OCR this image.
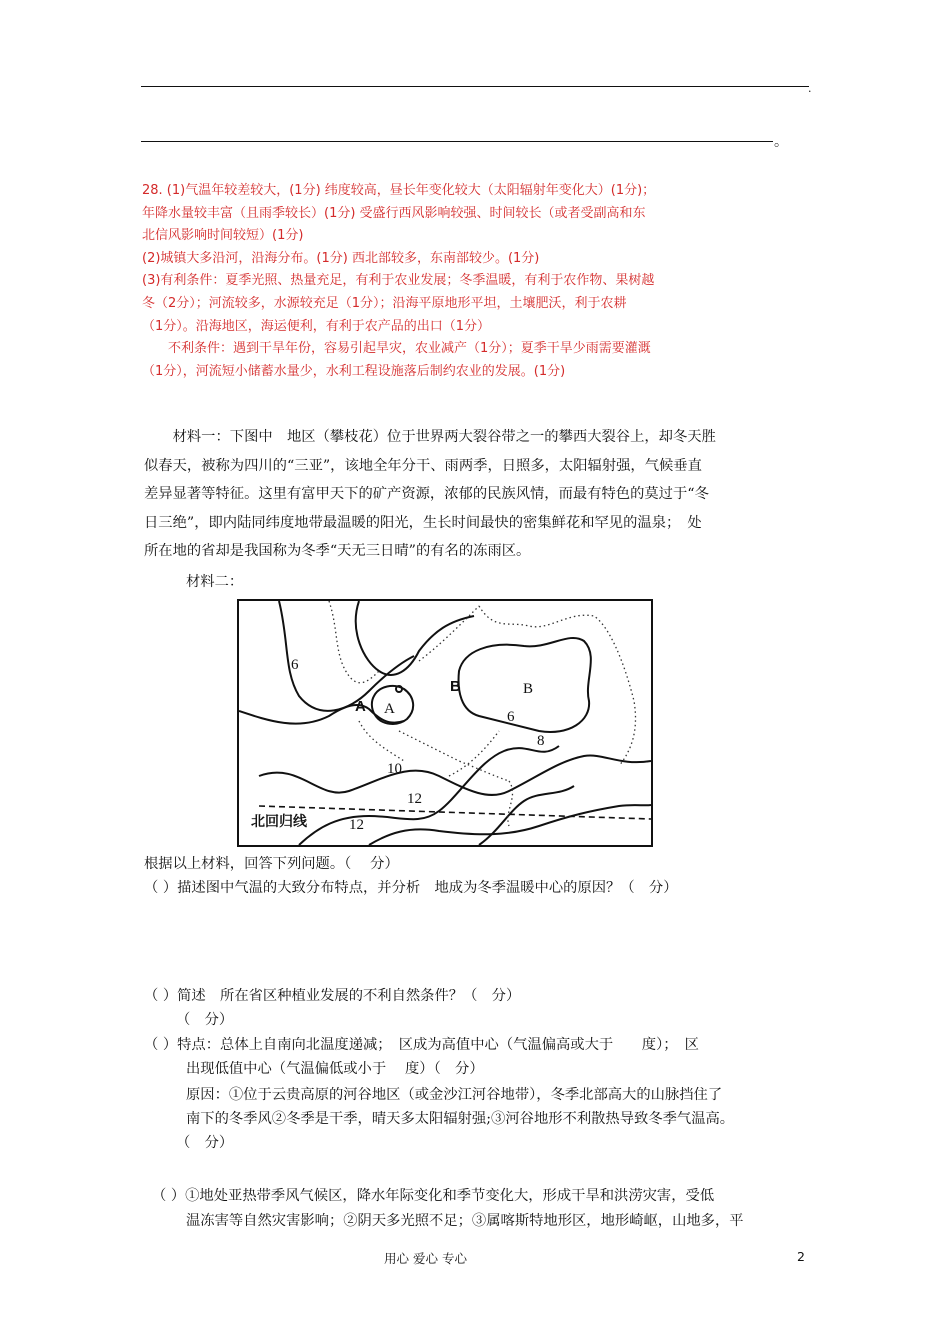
.
。

28. (1)气温年较差较大，(1分) 纬度较高，昼长年变化较大（太阳辐射年变化大）(1分)；

年降水量较丰富（且雨季较长）(1分) 受盛行西风影响较强、时间较长（或者受副高和东

北信风影响时间较短）(1分)

(2)城镇大多沿河，沿海分布。(1分) 西北部较多，东南部较少。(1分)

(3)有利条件：夏季光照、热量充足，有利于农业发展；冬季温暖，有利于农作物、果树越

冬（2分）；河流较多，水源较充足（1分）；沿海平原地形平坦，土壤肥沃，利于农耕

（1分）。沿海地区，海运便利，有利于农产品的出口（1分）

　　不利条件：遇到干旱年份，容易引起旱灾，农业减产（1分）；夏季干旱少雨需要灌溉

（1分），河流短小储蓄水量少，水利工程设施落后制约农业的发展。(1分)

　　材料一：下图中　地区（攀枝花）位于世界两大裂谷带之一的攀西大裂谷上，却冬天胜

似春天，被称为四川的“三亚”，该地全年分干、雨两季，日照多，太阳辐射强，气候垂直

差异显著等特征。这里有富甲天下的矿产资源，浓郁的民族风情，而最有特色的莫过于“冬

日三绝”，即内陆同纬度地带最温暖的阳光，生长时间最快的密集鲜花和罕见的温泉；　处

所在地的省却是我国称为冬季“天无三日晴”的有名的冻雨区。

材料二：
6
6
8
10
12
12
A A
B	B
北回归线
根据以上材料，回答下列问题。（　 分）
（ ）描述图中气温的大致分布特点，并分析　地成为冬季温暖中心的原因？（　分）
（ ）简述　所在省区种植业发展的不利自然条件？（　分）
（　分）
（ ）特点：总体上自南向北温度递减；　区成为高值中心（气温偏高或大于　　度）；　区
出现低值中心（气温偏低或小于　 度）（　分）
原因：①位于云贵高原的河谷地区（或金沙江河谷地带），冬季北部高大的山脉挡住了
南下的冬季风②冬季是干季，晴天多太阳辐射强;③河谷地形不利散热导致冬季气温高。
（　分）
（ ）①地处亚热带季风气候区，降水年际变化和季节变化大，形成干旱和洪涝灾害，受低
温冻害等自然灾害影响；②阴天多光照不足；③属喀斯特地形区，地形崎岖，山地多，平
用心 爱心 专心	2
